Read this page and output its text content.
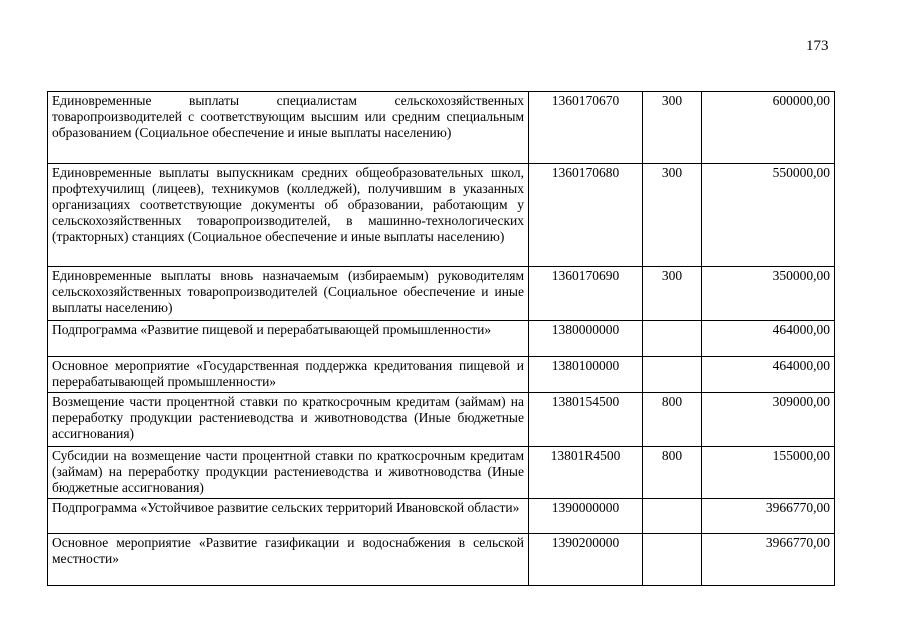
173
Единовременные выплаты специалистам сельскохозяйственных товаропроизводителей с соответствующим высшим или средним специальным образованием (Социальное обеспечение и иные выплаты населению)	1360170670	300	600000,00
Единовременные выплаты выпускникам средних общеобразовательных школ, профтехучилищ (лицеев), техникумов (колледжей), получившим в указанных организациях соответствующие документы об образовании, работающим у сельскохозяйственных товаропроизводителей, в машинно-технологических (тракторных) станциях (Социальное обеспечение и иные выплаты населению)	1360170680	300	550000,00
Единовременные выплаты вновь назначаемым (избираемым) руководителям сельскохозяйственных товаропроизводителей (Социальное обеспечение и иные выплаты населению)	1360170690	300	350000,00
Подпрограмма «Развитие пищевой и перерабатывающей промышленности»	1380000000		464000,00
Основное мероприятие «Государственная поддержка кредитования пищевой и перерабатывающей промышленности»	1380100000		464000,00
Возмещение части процентной ставки по краткосрочным кредитам (займам) на переработку продукции растениеводства и животноводства (Иные бюджетные ассигнования)	1380154500	800	309000,00
Субсидии на возмещение части процентной ставки по краткосрочным кредитам (займам) на переработку продукции растениеводства и животноводства (Иные бюджетные ассигнования)	13801R4500	800	155000,00
Подпрограмма «Устойчивое развитие сельских территорий Ивановской области»	1390000000		3966770,00
Основное мероприятие «Развитие газификации и водоснабжения в сельской местности»	1390200000		3966770,00
